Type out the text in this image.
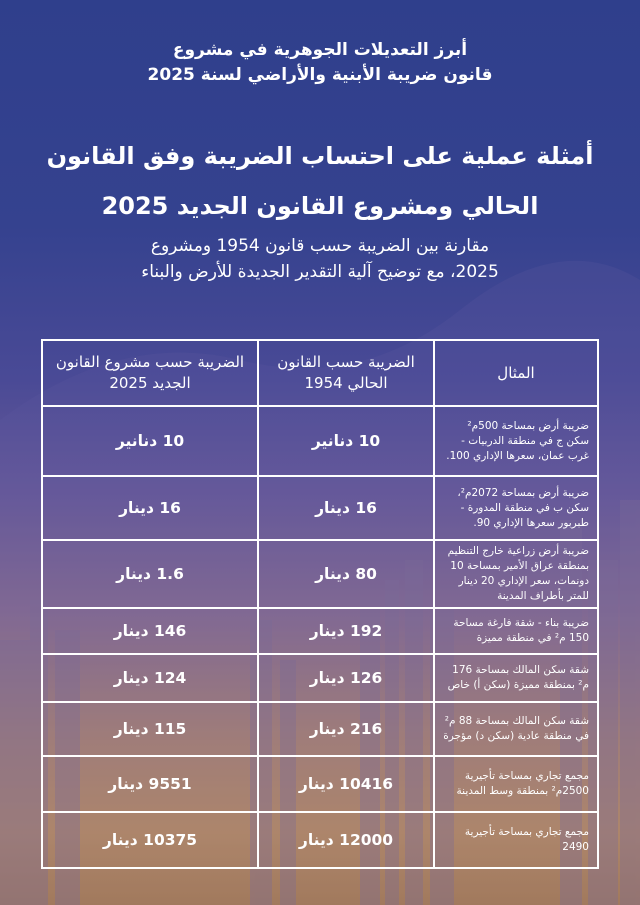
أبرز التعديلات الجوهرية في مشروع
قانون ضريبة الأبنية والأراضي لسنة 2025
أمثلة عملية على احتساب الضريبة وفق القانون
الحالي ومشروع القانون الجديد 2025
مقارنة بين الضريبة حسب قانون 1954 ومشروع
2025، مع توضيح آلية التقدير الجديدة للأرض والبناء
المثال	الضريبة حسب القانون الحالي 1954	الضريبة حسب مشروع القانون الجديد 2025
ضريبة أرض بمساحة 500م² سكن ج في منطقة الدربيات - غرب عمان، سعرها الإداري 100.	10 دنانير	10 دنانير
ضريبة أرض بمساحة 2072م²، سكن ب في منطقة المدورة - طبربور سعرها الإداري 90.	16 دينار	16 دينار
ضريبة أرض زراعية خارج التنظيم بمنطقة عراق الأمير بمساحة 10 دونمات، سعر الإداري 20 دينار للمتر بأطراف المدينة	80 دينار	1.6 دينار
ضريبة بناء - شقة فارغة مساحة 150 م² في منطقة مميزة	192 دينار	146 دينار
شقة سكن المالك بمساحة 176 م² بمنطقة مميزة (سكن أ) خاص	126 دينار	124 دينار
شقة سكن المالك بمساحة 88 م² في منطقة عادية (سكن د) مؤجرة	216 دينار	115 دينار
مجمع تجاري بمساحة تأجيرية 2500م² بمنطقة وسط المدينة	10416 دينار	9551 دينار
مجمع تجاري بمساحة تأجيرية 2490	12000 دينار	10375 دينار
